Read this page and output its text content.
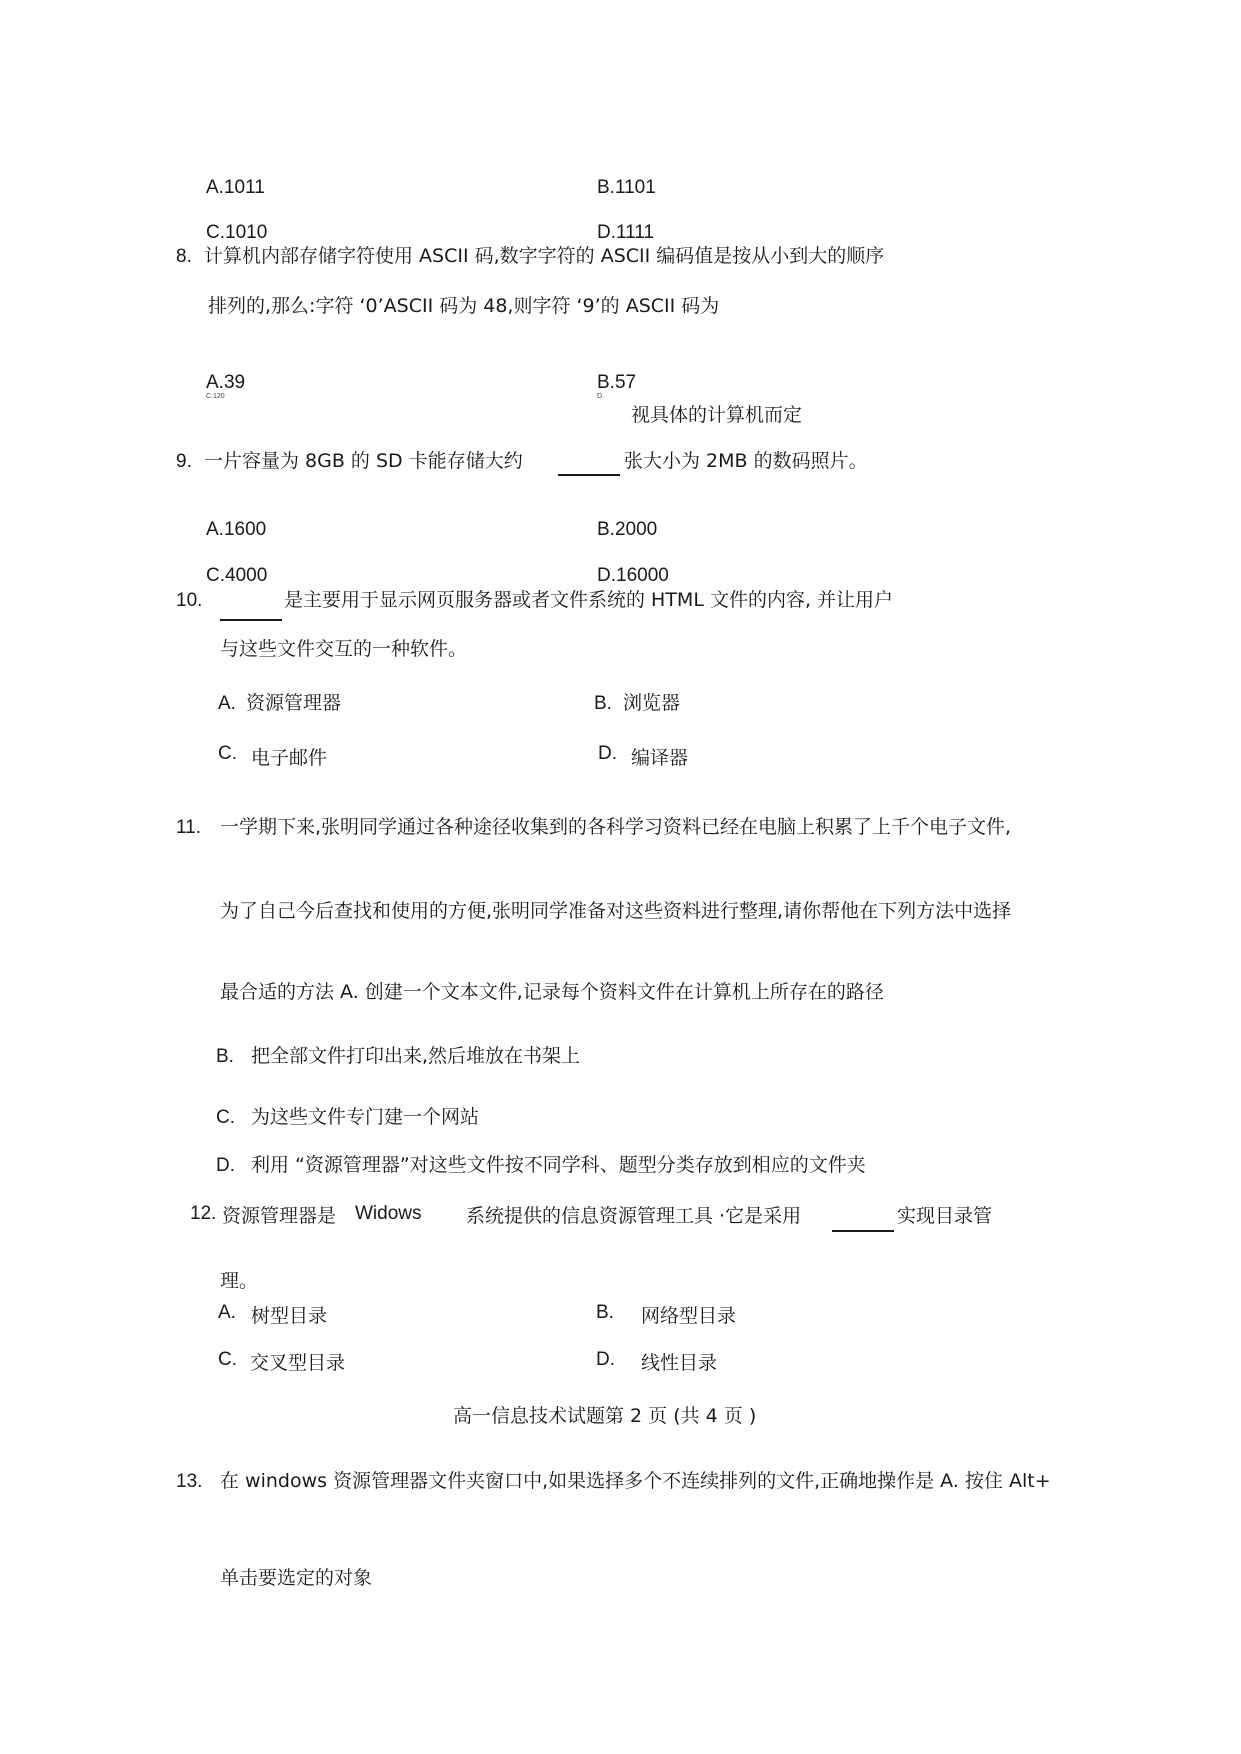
A.1011	B.1101
C.1010	D.1111
8. 计算机内部存储字符使用 ASCII 码,数字字符的 ASCII 编码值是按从小到大的顺序
排列的,那么:字符 ‘0’ASCII 码为 48,则字符 ‘9’的 ASCII 码为
A.39	B.57
C.120	D.
视具体的计算机而定
9. 一片容量为 8GB 的 SD 卡能存储大约	张大小为 2MB 的数码照片。
A.1600	B.2000
C.4000	D.16000
10.	是主要用于显示网页服务器或者文件系统的 HTML 文件的内容, 并让用户
与这些文件交互的一种软件。
A. 资源管理器	B. 浏览器
C. 电子邮件	D. 编译器
11. 一学期下来,张明同学通过各种途径收集到的各科学习资料已经在电脑上积累了上千个电子文件,
为了自己今后查找和使用的方便,张明同学准备对这些资料进行整理,请你帮他在下列方法中选择
最合适的方法 A. 创建一个文本文件,记录每个资料文件在计算机上所存在的路径
B. 把全部文件打印出来,然后堆放在书架上
C. 为这些文件专门建一个网站
D. 利用 “资源管理器”对这些文件按不同学科、题型分类存放到相应的文件夹
12. 资源管理器是 Widows 系统提供的信息资源管理工具 ·它是采用	实现目录管
理。
A. 树型目录	B. 网络型目录
C. 交叉型目录	D. 线性目录
高一信息技术试题第 2 页 (共 4 页 )
13. 在 windows 资源管理器文件夹窗口中,如果选择多个不连续排列的文件,正确地操作是 A. 按住 Alt+
单击要选定的对象
